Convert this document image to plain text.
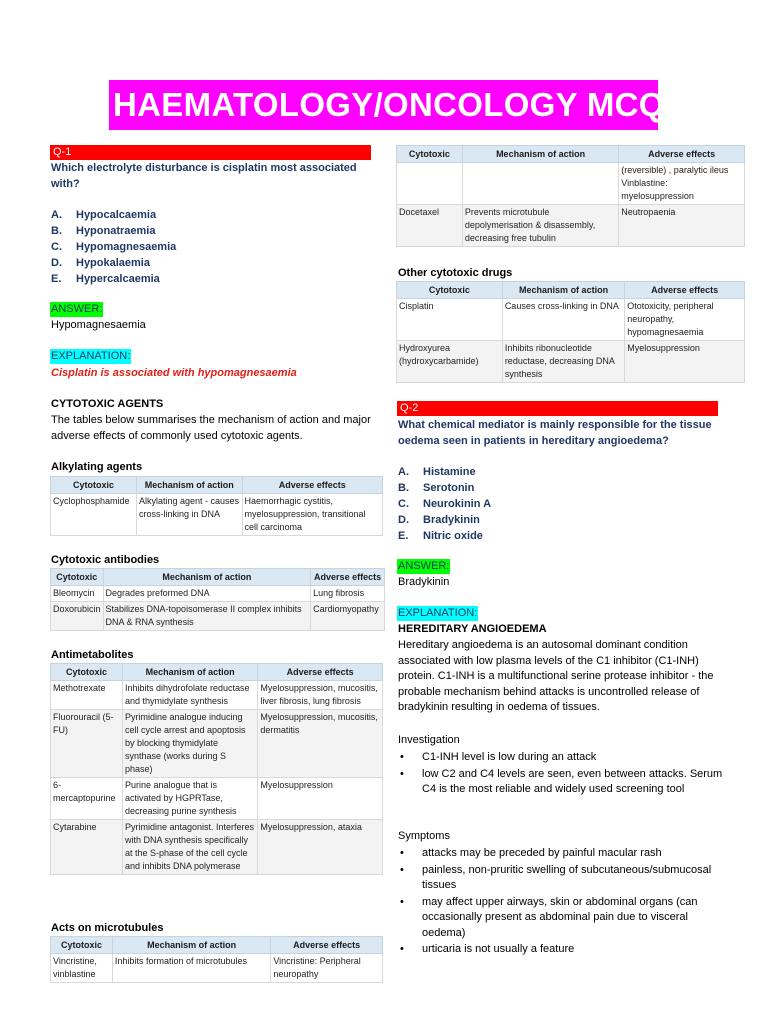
HAEMATOLOGY/ONCOLOGY MCQs
Q-1
Which electrolyte disturbance is cisplatin most associated with?
A.	Hypocalcaemia
B.	Hyponatraemia
C.	Hypomagnesaemia
D.	Hypokalaemia
E.	Hypercalcaemia
ANSWER:
Hypomagnesaemia
EXPLANATION:
Cisplatin is associated with hypomagnesaemia
CYTOTOXIC AGENTS
The tables below summarises the mechanism of action and major adverse effects of commonly used cytotoxic agents.
Alkylating agents
Cytotoxic	Mechanism of action	Adverse effects
Cyclophosphamide	Alkylating agent - causes cross-linking in DNA	Haemorrhagic cystitis, myelosuppression, transitional cell carcinoma
Cytotoxic antibodies
Cytotoxic	Mechanism of action	Adverse effects
Bleomycin	Degrades preformed DNA	Lung fibrosis
Doxorubicin	Stabilizes DNA-topoisomerase II complex inhibits DNA & RNA synthesis	Cardiomyopathy
Antimetabolites
Cytotoxic	Mechanism of action	Adverse effects
Methotrexate	Inhibits dihydrofolate reductase and thymidylate synthesis	Myelosuppression, mucositis, liver fibrosis, lung fibrosis
Fluorouracil (5-FU)	Pyrimidine analogue inducing cell cycle arrest and apoptosis by blocking thymidylate synthase (works during S phase)	Myelosuppression, mucositis, dermatitis
6-mercaptopurine	Purine analogue that is activated by HGPRTase, decreasing purine synthesis	Myelosuppression
Cytarabine	Pyrimidine antagonist. Interferes with DNA synthesis specifically at the S-phase of the cell cycle and inhibits DNA polymerase	Myelosuppression, ataxia
Acts on microtubules
Cytotoxic	Mechanism of action	Adverse effects
Vincristine, vinblastine	Inhibits formation of microtubules	Vincristine: Peripheral neuropathy
Cytotoxic	Mechanism of action	Adverse effects
		(reversible) , paralytic ileus Vinblastine: myelosuppression
Docetaxel	Prevents microtubule depolymerisation & disassembly, decreasing free tubulin	Neutropaenia
Other cytotoxic drugs
Cytotoxic	Mechanism of action	Adverse effects
Cisplatin	Causes cross-linking in DNA	Ototoxicity, peripheral neuropathy, hypomagnesaemia
Hydroxyurea (hydroxycarbamide)	Inhibits ribonucleotide reductase, decreasing DNA synthesis	Myelosuppression
Q-2
What chemical mediator is mainly responsible for the tissue oedema seen in patients in hereditary angioedema?
A.	Histamine
B.	Serotonin
C.	Neurokinin A
D.	Bradykinin
E.	Nitric oxide
ANSWER:
Bradykinin
EXPLANATION:
HEREDITARY ANGIOEDEMA
Hereditary angioedema is an autosomal dominant condition associated with low plasma levels of the C1 inhibitor (C1-INH) protein. C1-INH is a multifunctional serine protease inhibitor - the probable mechanism behind attacks is uncontrolled release of bradykinin resulting in oedema of tissues.
Investigation
• C1-INH level is low during an attack
• low C2 and C4 levels are seen, even between attacks. Serum C4 is the most reliable and widely used screening tool
Symptoms
• attacks may be preceded by painful macular rash
• painless, non-pruritic swelling of subcutaneous/submucosal tissues
• may affect upper airways, skin or abdominal organs (can occasionally present as abdominal pain due to visceral oedema)
• urticaria is not usually a feature
